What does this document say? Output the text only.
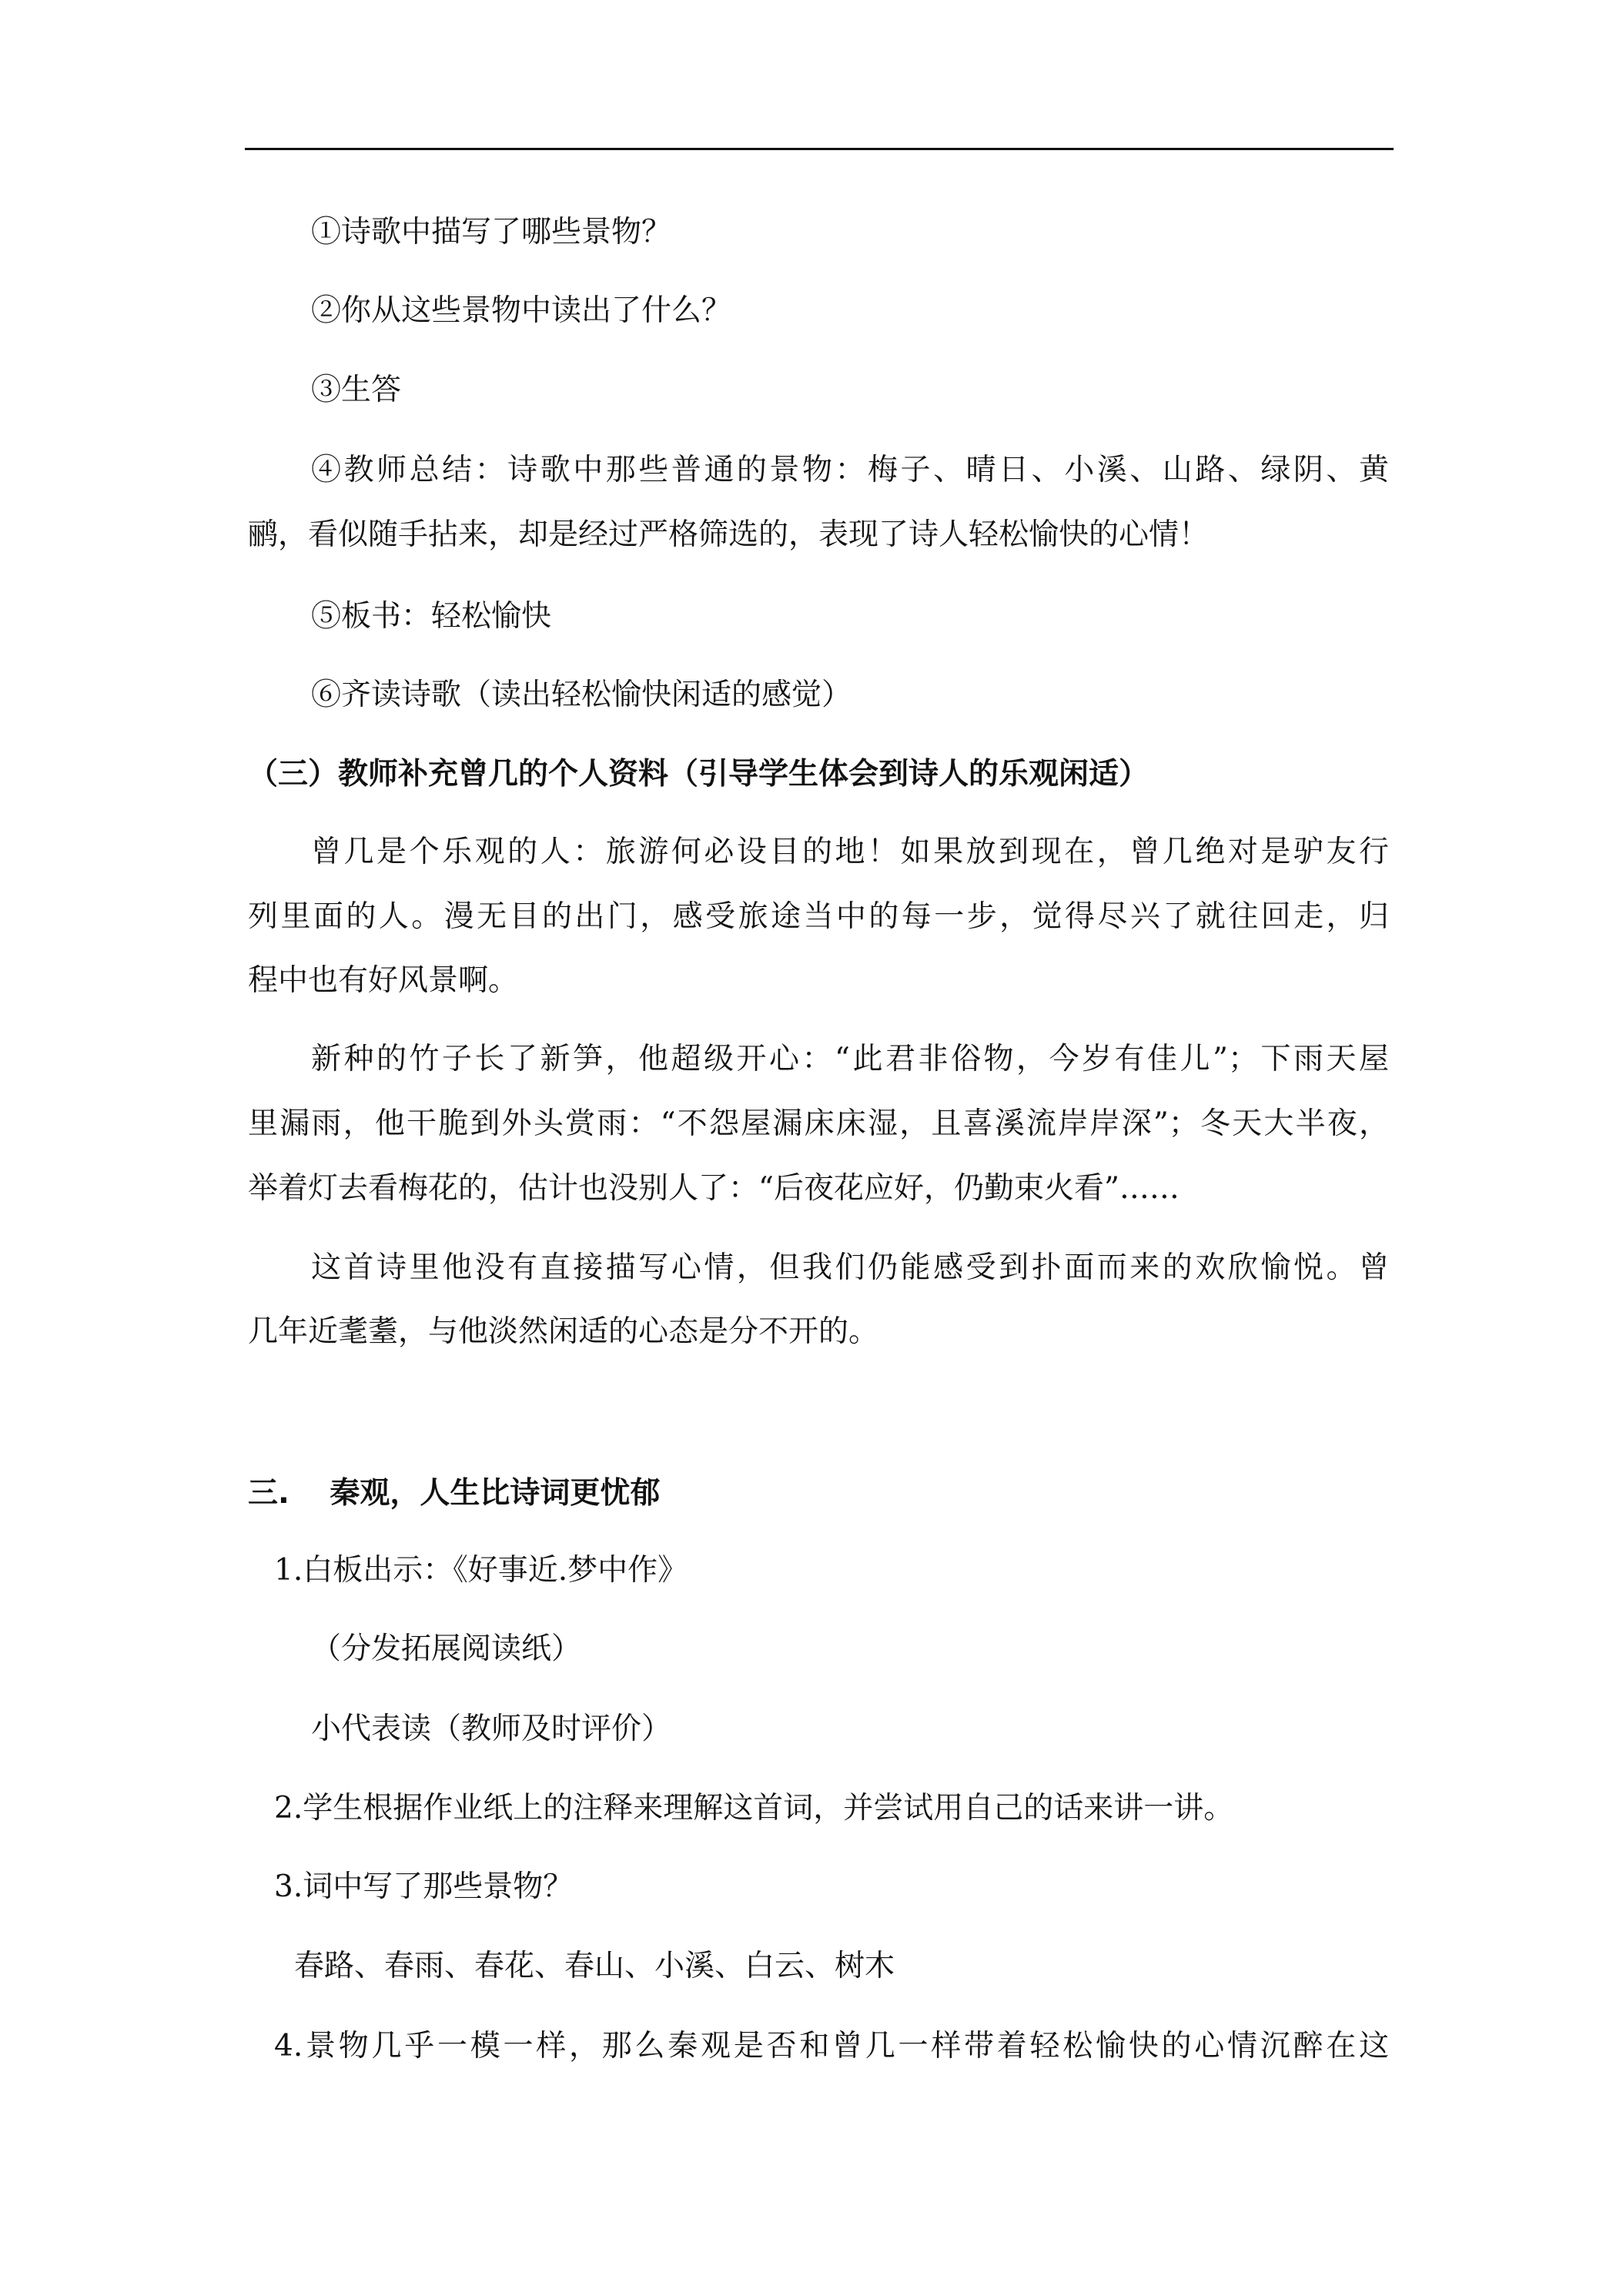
①诗歌中描写了哪些景物？
②你从这些景物中读出了什么？
③生答
④教师总结：诗歌中那些普通的景物：梅子、晴日、小溪、山路、绿阴、黄
鹂，看似随手拈来，却是经过严格筛选的，表现了诗人轻松愉快的心情！
⑤板书：轻松愉快
⑥齐读诗歌（读出轻松愉快闲适的感觉）
（三）教师补充曾几的个人资料（引导学生体会到诗人的乐观闲适）
曾几是个乐观的人：旅游何必设目的地！如果放到现在，曾几绝对是驴友行
列里面的人。漫无目的出门，感受旅途当中的每一步，觉得尽兴了就往回走，归
程中也有好风景啊。
新种的竹子长了新笋，他超级开心：“此君非俗物，今岁有佳儿”；下雨天屋
里漏雨，他干脆到外头赏雨：“不怨屋漏床床湿，且喜溪流岸岸深”；冬天大半夜，
举着灯去看梅花的，估计也没别人了：“后夜花应好，仍勤束火看”……
这首诗里他没有直接描写心情，但我们仍能感受到扑面而来的欢欣愉悦。曾
几年近耄耋，与他淡然闲适的心态是分不开的。
三.　 秦观，人生比诗词更忧郁
1.白板出示：《好事近.梦中作》
（分发拓展阅读纸）
小代表读（教师及时评价）
2.学生根据作业纸上的注释来理解这首词，并尝试用自己的话来讲一讲。
3.词中写了那些景物？
春路、春雨、春花、春山、小溪、白云、树木
4.景物几乎一模一样，那么秦观是否和曾几一样带着轻松愉快的心情沉醉在这
